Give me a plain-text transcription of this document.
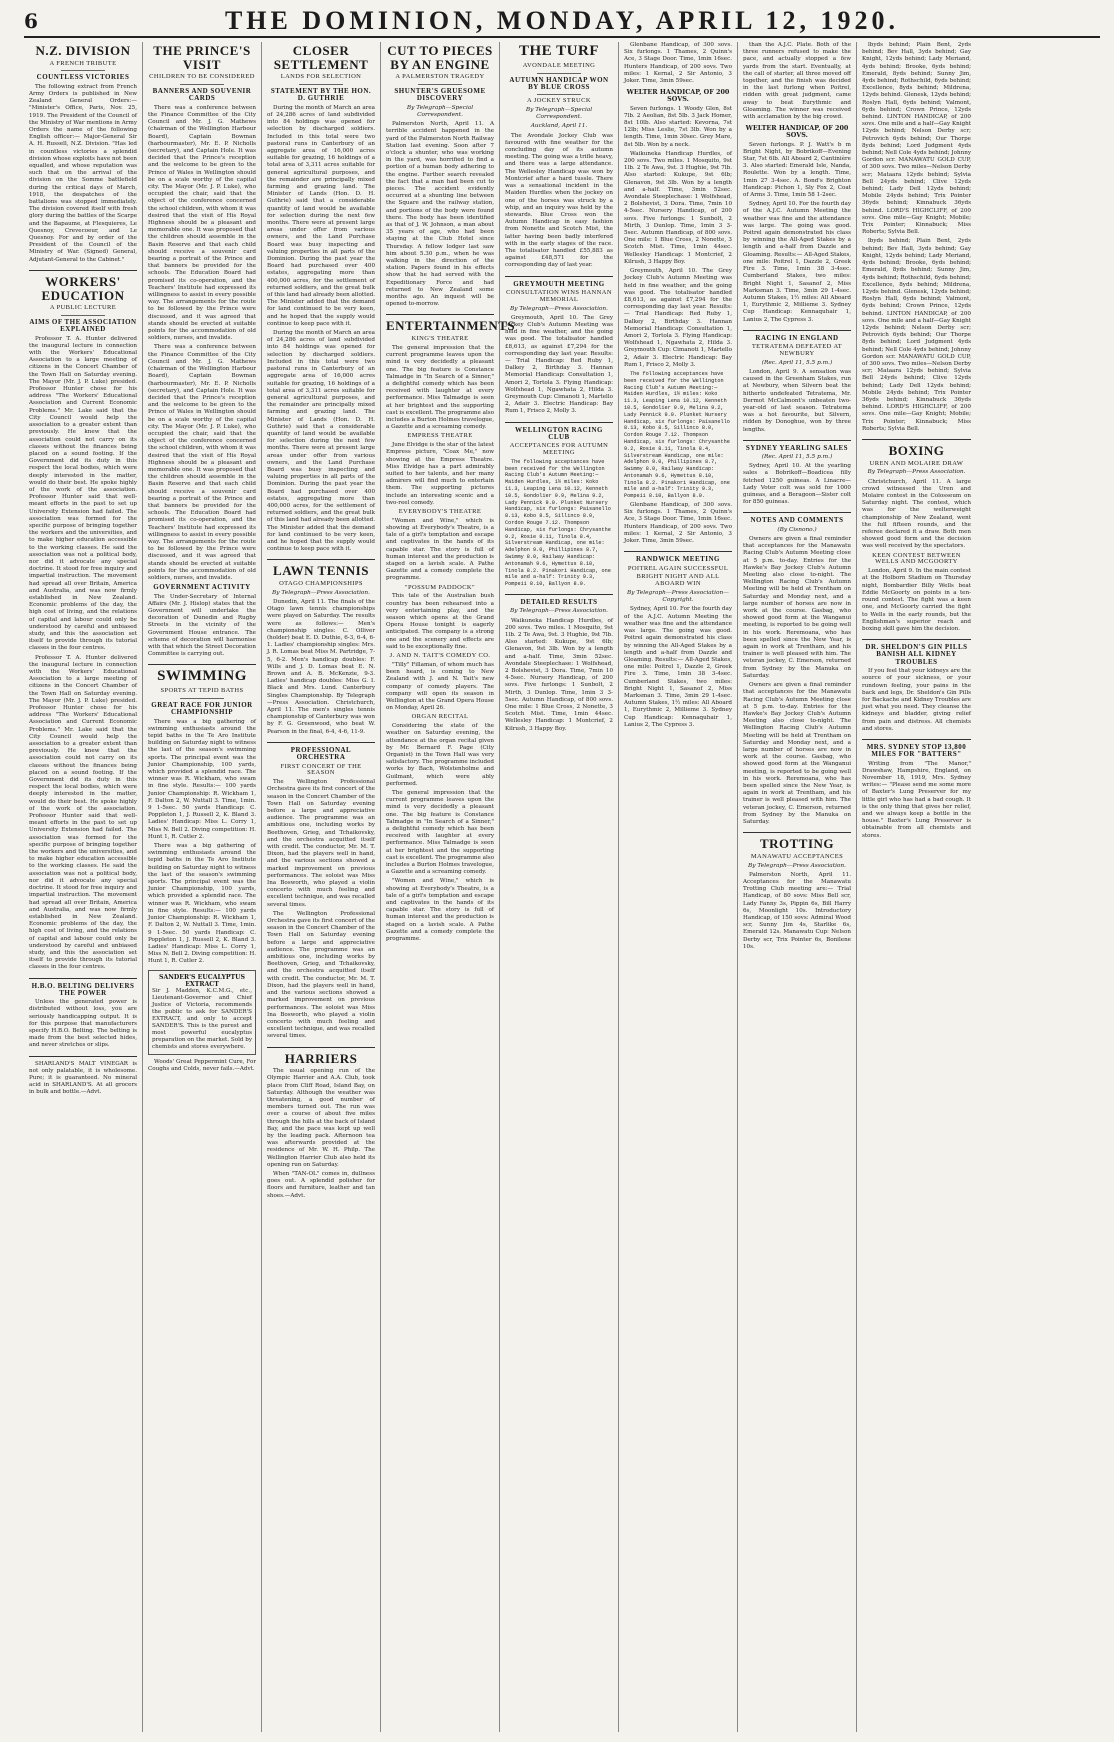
6	THE DOMINION, MONDAY, APRIL 12, 1920.
N.Z. DIVISION
A FRENCH TRIBUTE
COUNTLESS VICTORIES

The following extract from French Army Orders is published in New Zealand General Orders:— "Minister's Office, Paris, Nov. 25, 1919. The President of the Council of the Ministry of War mentions in Army Orders the name of the following English officer:— Major-General Sir A. H. Russell, N.Z. Division. "Has led in countless victories a splendid division whose exploits have not been equalled, and whose reputation was such that on the arrival of the division on the Somme battlefield during the critical days of March, 1918, the despatches of the battalions was stopped immediately. The division covered itself with fresh glory during the battles of the Scarpe and the Bapaume, at Flesquieres, Le Quesnoy, Crevecoeur, and Le Quesnoy. For and by order of the President of the Council of the Ministry of War. (Signed) General, Adjutant-General to the Cabinet."

WORKERS' EDUCATION
A PUBLIC LECTURE
AIMS OF THE ASSOCIATION EXPLAINED

Professor T. A. Hunter delivered the inaugural lecture in connection with the Workers' Educational Association to a large meeting of citizens in the Concert Chamber of the Town Hall on Saturday evening. The Mayor (Mr. J. P. Luke) presided. Professor Hunter chose for his address "The Workers' Educational Association and Current Economic Problems." Mr. Lake said that the City Council would help the association to a greater extent than previously. He knew that the association could not carry on its classes without the finances being placed on a sound footing. If the Government did its duty in this respect the local bodies, which were deeply interested in the matter, would do their best. He spoke highly of the work of the association. Professor Hunter said that well-meant efforts in the past to set up University Extension had failed. The association was formed for the specific purpose of bringing together the workers and the universities, and to make higher education accessible to the working classes. He said the association was not a political body, nor did it advocate any special doctrine. It stood for free inquiry and impartial instruction. The movement had spread all over Britain, America and Australia, and was now firmly established in New Zealand. Economic problems of the day, the high cost of living, and the relations of capital and labour could only be understood by careful and unbiased study, and this the association set itself to provide through its tutorial classes in the four centres.

Professor T. A. Hunter delivered the inaugural lecture in connection with the Workers' Educational Association to a large meeting of citizens in the Concert Chamber of the Town Hall on Saturday evening. The Mayor (Mr. J. P. Luke) presided. Professor Hunter chose for his address "The Workers' Educational Association and Current Economic Problems." Mr. Lake said that the City Council would help the association to a greater extent than previously. He knew that the association could not carry on its classes without the finances being placed on a sound footing. If the Government did its duty in this respect the local bodies, which were deeply interested in the matter, would do their best. He spoke highly of the work of the association. Professor Hunter said that well-meant efforts in the past to set up University Extension had failed. The association was formed for the specific purpose of bringing together the workers and the universities, and to make higher education accessible to the working classes. He said the association was not a political body, nor did it advocate any special doctrine. It stood for free inquiry and impartial instruction. The movement had spread all over Britain, America and Australia, and was now firmly established in New Zealand. Economic problems of the day, the high cost of living, and the relations of capital and labour could only be understood by careful and unbiased study, and this the association set itself to provide through its tutorial classes in the four centres.

H.B.O. BELTING DELIVERS THE POWER

Unless the generated power is distributed without loss, you are seriously handicapping output. It is for this purpose that manufacturers specify H.B.O. Belting. The belting is made from the best selected hides, and never stretches or slips.

SHARLAND'S MALT VINEGAR is not only palatable, it is wholesome. Pure; it is guaranteed. No mineral acid in SHARLAND'S. At all grocers in bulk and bottle.—Advt.

THE PRINCE'S VISIT
CHILDREN TO BE CONSIDERED
BANNERS AND SOUVENIR CARDS

There was a conference between the Finance Committee of the City Council and Mr. J. G. Mathews (chairman of the Wellington Harbour Board), Captain Bowman (harbourmaster), Mr. E. P. Nicholls (secretary), and Captain Hole. It was decided that the Prince's reception and the welcome to be given to the Prince of Wales in Wellington should be on a scale worthy of the capital city. The Mayor (Mr. J. P. Luke), who occupied the chair, said that the object of the conference concerned the school children, with whom it was desired that the visit of His Royal Highness should be a pleasant and memorable one. It was proposed that the children should assemble in the Basin Reserve and that each child should receive a souvenir card bearing a portrait of the Prince and that banners be provided for the schools. The Education Board had promised its co-operation, and the Teachers' Institute had expressed its willingness to assist in every possible way. The arrangements for the route to be followed by the Prince were discussed, and it was agreed that stands should be erected at suitable points for the accommodation of old soldiers, nurses, and invalids.

There was a conference between the Finance Committee of the City Council and Mr. J. G. Mathews (chairman of the Wellington Harbour Board), Captain Bowman (harbourmaster), Mr. E. P. Nicholls (secretary), and Captain Hole. It was decided that the Prince's reception and the welcome to be given to the Prince of Wales in Wellington should be on a scale worthy of the capital city. The Mayor (Mr. J. P. Luke), who occupied the chair, said that the object of the conference concerned the school children, with whom it was desired that the visit of His Royal Highness should be a pleasant and memorable one. It was proposed that the children should assemble in the Basin Reserve and that each child should receive a souvenir card bearing a portrait of the Prince and that banners be provided for the schools. The Education Board had promised its co-operation, and the Teachers' Institute had expressed its willingness to assist in every possible way. The arrangements for the route to be followed by the Prince were discussed, and it was agreed that stands should be erected at suitable points for the accommodation of old soldiers, nurses, and invalids.

GOVERNMENT ACTIVITY

The Under-Secretary of Internal Affairs (Mr. J. Hislop) states that the Government will undertake the decoration of Dunedin and Rugby Streets in the vicinity of the Government House entrance. The scheme of decoration will harmonise with that which the Street Decoration Committee is carrying out.

SWIMMING
SPORTS AT TEPID BATHS
GREAT RACE FOR JUNIOR CHAMPIONSHIP

There was a big gathering of swimming enthusiasts around the tepid baths in the Te Aro Institute building on Saturday night to witness the last of the season's swimming sports. The principal event was the Junior Championship, 100 yards, which provided a splendid race. The winner was R. Wickham, who swam in fine style. Results:— 100 yards Junior Championship: R. Wickham 1, F. Dalton 2, W. Nuttall 3. Time, 1min. 9 1-5sec. 50 yards Handicap: C. Poppleton 1, J. Russell 2, K. Bland 3. Ladies' Handicap: Miss L. Corry 1, Miss N. Bell 2. Diving competition: H. Hunt 1, R. Cutler 2.

There was a big gathering of swimming enthusiasts around the tepid baths in the Te Aro Institute building on Saturday night to witness the last of the season's swimming sports. The principal event was the Junior Championship, 100 yards, which provided a splendid race. The winner was R. Wickham, who swam in fine style. Results:— 100 yards Junior Championship: R. Wickham 1, F. Dalton 2, W. Nuttall 3. Time, 1min. 9 1-5sec. 50 yards Handicap: C. Poppleton 1, J. Russell 2, K. Bland 3. Ladies' Handicap: Miss L. Corry 1, Miss N. Bell 2. Diving competition: H. Hunt 1, R. Cutler 2.

SANDER'S EUCALYPTUS EXTRACT
Sir J. Madden, K.C.M.G., etc., Lieutenant-Governor and Chief Justice of Victoria, recommends the public to ask for SANDER'S EXTRACT, and only to accept SANDER'S. This is the purest and most powerful eucalyptus preparation on the market. Sold by chemists and stores everywhere.

Woods' Great Peppermint Cure, For Coughs and Colds, never fails.—Advt.

CLOSER SETTLEMENT
LANDS FOR SELECTION
STATEMENT BY THE HON. D. GUTHRIE

During the month of March an area of 24,286 acres of land subdivided into 84 holdings was opened for selection by discharged soldiers. Included in this total were two pastoral runs in Canterbury of an aggregate area of 16,000 acres suitable for grazing, 16 holdings of a total area of 3,311 acres suitable for general agricultural purposes, and the remainder are principally mixed farming and grazing land. The Minister of Lands (Hon. D. H. Guthrie) said that a considerable quantity of land would be available for selection during the next few months. There were at present large areas under offer from various owners, and the Land Purchase Board was busy inspecting and valuing properties in all parts of the Dominion. During the past year the Board had purchased over 400 estates, aggregating more than 400,000 acres, for the settlement of returned soldiers, and the great bulk of this land had already been allotted. The Minister added that the demand for land continued to be very keen, and he hoped that the supply would continue to keep pace with it.

During the month of March an area of 24,286 acres of land subdivided into 84 holdings was opened for selection by discharged soldiers. Included in this total were two pastoral runs in Canterbury of an aggregate area of 16,000 acres suitable for grazing, 16 holdings of a total area of 3,311 acres suitable for general agricultural purposes, and the remainder are principally mixed farming and grazing land. The Minister of Lands (Hon. D. H. Guthrie) said that a considerable quantity of land would be available for selection during the next few months. There were at present large areas under offer from various owners, and the Land Purchase Board was busy inspecting and valuing properties in all parts of the Dominion. During the past year the Board had purchased over 400 estates, aggregating more than 400,000 acres, for the settlement of returned soldiers, and the great bulk of this land had already been allotted. The Minister added that the demand for land continued to be very keen, and he hoped that the supply would continue to keep pace with it.

LAWN TENNIS
OTAGO CHAMPIONSHIPS
By Telegraph—Press Association.

Dunedin, April 11. The finals of the Otago lawn tennis championships were played on Saturday. The results were as follows:— Men's championship singles: C. Olliver (holder) beat E. D. Duthie, 6-3, 6-4, 6-1. Ladies' championship singles: Mrs. J. R. Lomas beat Miss M. Partridge, 7-5, 6-2. Men's handicap doubles: F. Wills and J. D. Lomas beat E. N. Brown and A. B. McKenzie, 9-3. Ladies' handicap doubles: Miss G. I. Black and Mrs. Lund. Canterbury Singles Championship. By Telegraph—Press Association. Christchurch, April 11. The men's singles tennis championship of Canterbury was won by F. G. Greenwood, who beat W. Pearson in the final, 6-4, 4-6, 11-9.

PROFESSIONAL ORCHESTRA
FIRST CONCERT OF THE SEASON

The Wellington Professional Orchestra gave its first concert of the season in the Concert Chamber of the Town Hall on Saturday evening before a large and appreciative audience. The programme was an ambitious one, including works by Beethoven, Grieg, and Tchaikovsky, and the orchestra acquitted itself with credit. The conductor, Mr. M. T. Dixon, had the players well in hand, and the various sections showed a marked improvement on previous performances. The soloist was Miss Ina Bosworth, who played a violin concerto with much feeling and excellent technique, and was recalled several times.

The Wellington Professional Orchestra gave its first concert of the season in the Concert Chamber of the Town Hall on Saturday evening before a large and appreciative audience. The programme was an ambitious one, including works by Beethoven, Grieg, and Tchaikovsky, and the orchestra acquitted itself with credit. The conductor, Mr. M. T. Dixon, had the players well in hand, and the various sections showed a marked improvement on previous performances. The soloist was Miss Ina Bosworth, who played a violin concerto with much feeling and excellent technique, and was recalled several times.

HARRIERS

The usual opening run of the Olympic Harrier and A.A. Club, took place from Cliff Road, Island Bay, on Saturday. Although the weather was threatening, a good number of members turned out. The run was over a course of about five miles through the hills at the back of Island Bay, and the pace was kept up well by the leading pack. Afternoon tea was afterwards provided at the residence of Mr. W. H. Philp. The Wellington Harrier Club also held its opening run on Saturday.

When "TAN-OL" comes in, dullness goes out. A splendid polisher for floors and furniture, leather and tan shoes.—Advt.

CUT TO PIECES BY AN ENGINE
A PALMERSTON TRAGEDY
SHUNTER'S GRUESOME DISCOVERY
By Telegraph—Special Correspondent.

Palmerston North, April 11. A terrible accident happened in the yard of the Palmerston North Railway Station last evening. Soon after 7 o'clock a shunter, who was working in the yard, was horrified to find a portion of a human body adhering to the engine. Further search revealed the fact that a man had been cut to pieces. The accident evidently occurred at a shunting line between the Square and the railway station, and portions of the body were found there. The body has been identified as that of J. W. Johnson, a man about 35 years of age, who had been staying at the Club Hotel since Thursday. A fellow lodger last saw him about 5.30 p.m., when he was walking in the direction of the station. Papers found in his effects show that he had served with the Expeditionary Force and had returned to New Zealand some months ago. An inquest will be opened to-morrow.

ENTERTAINMENTS
KING'S THEATRE

The general impression that the current programme leaves upon the mind is very decidedly a pleasant one. The big feature is Constance Talmadge in "In Search of a Sinner," a delightful comedy which has been received with laughter at every performance. Miss Talmadge is seen at her brightest and the supporting cast is excellent. The programme also includes a Burton Holmes travelogue, a Gazette and a screaming comedy.

EMPRESS THEATRE

June Elvidge is the star of the latest Empress picture, "Coax Me," now showing at the Empress Theatre. Miss Elvidge has a part admirably suited to her talents, and her many admirers will find much to entertain them. The supporting pictures include an interesting scenic and a two-reel comedy.

EVERYBODY'S THEATRE

"Women and Wine," which is showing at Everybody's Theatre, is a tale of a girl's temptation and escape and captivates in the hands of its capable star. The story is full of human interest and the production is staged on a lavish scale. A Pathe Gazette and a comedy complete the programme.

"POSSUM PADDOCK"

This tale of the Australian bush country has been rehearsed into a very entertaining play, and the season which opens at the Grand Opera House tonight is eagerly anticipated. The company is a strong one and the scenery and effects are said to be exceptionally fine.

J. AND N. TAIT'S COMEDY CO.

"Tilly" Fillaman, of whom much has been heard, is coming to New Zealand with J. and N. Tait's new company of comedy players. The company will open its season in Wellington at the Grand Opera House on Monday, April 26.

ORGAN RECITAL

Considering the state of the weather on Saturday evening, the attendance at the organ recital given by Mr. Bernard F. Page (City Organist) in the Town Hall was very satisfactory. The programme included works by Bach, Wolstenholme and Guilmant, which were ably performed.

The general impression that the current programme leaves upon the mind is very decidedly a pleasant one. The big feature is Constance Talmadge in "In Search of a Sinner," a delightful comedy which has been received with laughter at every performance. Miss Talmadge is seen at her brightest and the supporting cast is excellent. The programme also includes a Burton Holmes travelogue, a Gazette and a screaming comedy.

"Women and Wine," which is showing at Everybody's Theatre, is a tale of a girl's temptation and escape and captivates in the hands of its capable star. The story is full of human interest and the production is staged on a lavish scale. A Pathe Gazette and a comedy complete the programme.

THE TURF
AVONDALE MEETING
AUTUMN HANDICAP WON BY BLUE CROSS
A JOCKEY STRUCK
By Telegraph—Special Correspondent.
Auckland, April 11.

The Avondale Jockey Club was favoured with fine weather for the concluding day of its autumn meeting. The going was a trifle heavy, and there was a large attendance. The Wellesley Handicap was won by Montcrief after a hard tussle. There was a sensational incident in the Maiden Hurdles when the jockey on one of the horses was struck by a whip, and an inquiry was held by the stewards. Blue Cross won the Autumn Handicap in easy fashion from Nonette and Scotch Mist, the latter having been badly interfered with in the early stages of the race. The totalisator handled £55,883 as against £48,571 for the corresponding day of last year.

GREYMOUTH MEETING
CONSULTATION WINS HANNAN MEMORIAL
By Telegraph—Press Association.

Greymouth, April 10. The Grey Jockey Club's Autumn Meeting was held in fine weather, and the going was good. The totalisator handled £8,613, as against £7,294 for the corresponding day last year. Results:— Trial Handicap: Red Ruby 1, Dalkey 2, Birthday 3. Hannan Memorial Handicap: Consultation 1, Amori 2, Tortola 3. Flying Handicap: Wolfshead 1, Ngawhata 2, Hilda 3. Greymouth Cup: Cimanoti 1, Martello 2, Adair 3. Electric Handicap: Bay Rum 1, Frisco 2, Molly 3.

WELLINGTON RACING CLUB
ACCEPTANCES FOR AUTUMN MEETING

The following acceptances have been received for the Wellington Racing Club's Autumn Meeting:— Maiden Hurdles, 1½ miles: Koko 11.3, Leaping Lena 10.12, Kenneth 10.5, Gondolier 9.9, Melina 9.2, Lady Pennick 9.0. Plunket Nursery Handicap, six furlongs: Paisanello 8.13, Kobo 8.5, Sillinco 8.0, Cordon Rouge 7.12. Thompson Handicap, six furlongs: Chrysanthe 9.2, Rosie 8.11, Tinola 8.4, Silverstream Handicap, one mile: Adelphon 9.0, Phillipines 8.7, Swimmy 8.0, Railway Handicap: Antonamah 9.6, Hymettus 8.10, Tinola 8.2. Pinakori Handicap, one mile and a-half: Trinity 9.3, Pompeii 8.10, Ballyon 8.0.

DETAILED RESULTS
By Telegraph—Press Association.

Waikuneka Handicap Hurdles, of 200 sovs. Two miles. 1 Mosquito, 9st 1lb. 2 Te Awa, 9st. 3 Hughie, 9st 7lb. Also started: Kukupe, 9st 6lb; Glenavon, 9st 3lb. Won by a length and a-half. Time, 3min 52sec. Avondale Steeplechase: 1 Wolfshead, 2 Bolshevist, 3 Dora. Time, 7min 10 4-5sec. Nursery Handicap, of 200 sovs. Five furlongs: 1 Sunbolt, 2 Mirth, 3 Dunlop. Time, 1min 3 3-5sec. Autumn Handicap, of 800 sovs. One mile: 1 Blue Cross, 2 Nonette, 3 Scotch Mist. Time, 1min 44sec. Wellesley Handicap: 1 Montcrief, 2 Kilrush, 3 Happy Boy.

Glenbane Handicap, of 300 sovs. Six furlongs. 1 Thames, 2 Quinn's Ace, 3 Stage Door. Time, 1min 16sec. Hunters Handicap, of 200 sovs. Two miles: 1 Kernal, 2 Sir Antonio, 3 Joker. Time, 3min 59sec.

WELTER HANDICAP, OF 200 SOVS.

Seven furlongs. 1 Woody Glen, 8st 7lb. 2 Aeolian, 8st 5lb. 3 Jack Homer, 8st 10lb. Also started: Kevorna, 7st 12lb; Miss Leslie, 7st 3lb. Won by a length. Time, 1min 30sec. Grey Mare, 8st 5lb. Won by a neck.

Waikuneka Handicap Hurdles, of 200 sovs. Two miles. 1 Mosquito, 9st 1lb. 2 Te Awa, 9st. 3 Hughie, 9st 7lb. Also started: Kukupe, 9st 6lb; Glenavon, 9st 3lb. Won by a length and a-half. Time, 3min 52sec. Avondale Steeplechase: 1 Wolfshead, 2 Bolshevist, 3 Dora. Time, 7min 10 4-5sec. Nursery Handicap, of 200 sovs. Five furlongs: 1 Sunbolt, 2 Mirth, 3 Dunlop. Time, 1min 3 3-5sec. Autumn Handicap, of 800 sovs. One mile: 1 Blue Cross, 2 Nonette, 3 Scotch Mist. Time, 1min 44sec. Wellesley Handicap: 1 Montcrief, 2 Kilrush, 3 Happy Boy.

Greymouth, April 10. The Grey Jockey Club's Autumn Meeting was held in fine weather, and the going was good. The totalisator handled £8,613, as against £7,294 for the corresponding day last year. Results:— Trial Handicap: Red Ruby 1, Dalkey 2, Birthday 3. Hannan Memorial Handicap: Consultation 1, Amori 2, Tortola 3. Flying Handicap: Wolfshead 1, Ngawhata 2, Hilda 3. Greymouth Cup: Cimanoti 1, Martello 2, Adair 3. Electric Handicap: Bay Rum 1, Frisco 2, Molly 3.

The following acceptances have been received for the Wellington Racing Club's Autumn Meeting:— Maiden Hurdles, 1½ miles: Koko 11.3, Leaping Lena 10.12, Kenneth 10.5, Gondolier 9.9, Melina 9.2, Lady Pennick 9.0. Plunket Nursery Handicap, six furlongs: Paisanello 8.13, Kobo 8.5, Sillinco 8.0, Cordon Rouge 7.12. Thompson Handicap, six furlongs: Chrysanthe 9.2, Rosie 8.11, Tinola 8.4, Silverstream Handicap, one mile: Adelphon 9.0, Phillipines 8.7, Swimmy 8.0, Railway Handicap: Antonamah 9.6, Hymettus 8.10, Tinola 8.2. Pinakori Handicap, one mile and a-half: Trinity 9.3, Pompeii 8.10, Ballyon 8.0.

Glenbane Handicap, of 300 sovs. Six furlongs. 1 Thames, 2 Quinn's Ace, 3 Stage Door. Time, 1min 16sec. Hunters Handicap, of 200 sovs. Two miles: 1 Kernal, 2 Sir Antonio, 3 Joker. Time, 3min 59sec.

RANDWICK MEETING
POITREL AGAIN SUCCESSFUL
BRIGHT NIGHT AND ALL ABOARD WIN
By Telegraph—Press Association—Copyright.

Sydney, April 10. For the fourth day of the A.J.C. Autumn Meeting the weather was fine and the attendance was large. The going was good. Poitrel again demonstrated his class by winning the All-Aged Stakes by a length and a-half from Dazzle and Gloaming. Results:— All-Aged Stakes, one mile: Poitrel 1, Dazzle 2, Greek Fire 3. Time, 1min 38 3-4sec. Cumberland Stakes, two miles: Bright Night 1, Sasanof 2, Miss Marksman 3. Time, 3min 29 1-4sec. Autumn Stakes, 1½ miles: All Aboard 1, Eurythmic 2, Millieme 3. Sydney Cup Handicap: Kennaquhair 1, Lanius 2, The Cypress 3.

than the A.J.C. Plate. Both of the three runners refused to make the pace, and actually stopped a few yards from the start. Eventually, at the call of starter, all three moved off together, and the finish was decided in the last furlong when Poitrel, ridden with great judgment, came away to beat Eurythmic and Gloaming. The winner was received with acclamation by the big crowd.

WELTER HANDICAP, OF 200 SOVS.

Seven furlongs. P. J. Watt's b m Bright Night, by Bobrikoff—Evening Star, 7st 6lb. All Aboard 2, Cantinière 3. Also started: Emerald Isle, Nanda, Roulette. Won by a length. Time, 1min 27 3-4sec. A. Bond's Brighton Handicap: Pichon 1, Sly Fox 2, Coat of Arms 3. Time, 1min 58 1-2sec.

Sydney, April 10. For the fourth day of the A.J.C. Autumn Meeting the weather was fine and the attendance was large. The going was good. Poitrel again demonstrated his class by winning the All-Aged Stakes by a length and a-half from Dazzle and Gloaming. Results:— All-Aged Stakes, one mile: Poitrel 1, Dazzle 2, Greek Fire 3. Time, 1min 38 3-4sec. Cumberland Stakes, two miles: Bright Night 1, Sasanof 2, Miss Marksman 3. Time, 3min 29 1-4sec. Autumn Stakes, 1½ miles: All Aboard 1, Eurythmic 2, Millieme 3. Sydney Cup Handicap: Kennaquhair 1, Lanius 2, The Cypress 3.

RACING IN ENGLAND
TETRATEMA DEFEATED AT NEWBURY
(Rec. April 11, 5.5 p.m.)

London, April 9. A sensation was caused in the Greenham Stakes, run at Newbury, when Silvern beat the hitherto undefeated Tetratema, Mr. Dermot McCalmont's unbeaten two-year-old of last season. Tetratema was a hot favourite, but Silvern, ridden by Donoghue, won by three lengths.

SYDNEY YEARLING SALES
(Rec. April 11, 5.5 p.m.)

Sydney, April 10. At the yearling sales a Bobrikoff—Boadicea filly fetched 1250 guineas. A Linacre—Lady Voter colt was sold for 1000 guineas, and a Beragoon—Sister colt for 850 guineas.

NOTES AND COMMENTS
(By Cisnono.)

Owners are given a final reminder that acceptances for the Manawatu Racing Club's Autumn Meeting close at 5 p.m. to-day. Entries for the Hawke's Bay Jockey Club's Autumn Meeting also close to-night. The Wellington Racing Club's Autumn Meeting will be held at Trentham on Saturday and Monday next, and a large number of horses are now in work at the course. Gasbag, who showed good form at the Wanganui meeting, is reported to be going well in his work. Reremoana, who has been spelled since the New Year, is again in work at Trentham, and his trainer is well pleased with him. The veteran jockey, C. Emerson, returned from Sydney by the Manuka on Saturday.

Owners are given a final reminder that acceptances for the Manawatu Racing Club's Autumn Meeting close at 5 p.m. to-day. Entries for the Hawke's Bay Jockey Club's Autumn Meeting also close to-night. The Wellington Racing Club's Autumn Meeting will be held at Trentham on Saturday and Monday next, and a large number of horses are now in work at the course. Gasbag, who showed good form at the Wanganui meeting, is reported to be going well in his work. Reremoana, who has been spelled since the New Year, is again in work at Trentham, and his trainer is well pleased with him. The veteran jockey, C. Emerson, returned from Sydney by the Manuka on Saturday.

TROTTING
MANAWATU ACCEPTANCES
By Telegraph—Press Association.

Palmerston North, April 11. Acceptances for the Manawatu Trotting Club meeting are:— Trial Handicap, of 80 sovs: Miss Bell scr, Lady Fanny 3s, Pippin 6s, Bill Harry 6s, Moonlight 10s. Introductory Handicap, of 150 sovs: Admiral Wood scr, Sunny Jim 4s, Starlike 6s, Emerald 12s. Manawatu Cup: Nelson Derby scr, Trix Pointer 6s, Bonilene 10s.

lbyds behind; Plain Bent, 2yds behind; Bev Hall, 3yds behind; Gay Knight, 12yds behind; Lady Meriand, 4yds behind; Brooke, 6yds behind; Emerald, 8yds behind; Sunny Jim, 4yds behind; Rothschild, 6yds behind; Excellence, 8yds behind; Mildrena, 12yds behind. Glenesk, 12yds behind; Roslyn Hall, 6yds behind; Valmont, 6yds behind; Crown Prince, 12yds behind. LINTON HANDICAP, of 200 sovs. One mile and a half—Gay Knight 12yds behind; Nelson Derby scr; Petrovich 6yds behind; Our Thorpe 8yds behind; Lord Judgment 4yds behind; Nell Cole 4yds behind; Johnny Gordon scr. MANAWATU GOLD CUP, of 300 sovs. Two miles—Nelson Derby scr; Mataara 12yds behind; Sylvia Bell 24yds behind; Clive 12yds behind; Lady Dell 12yds behind; Mobile 24yds behind; Trix Pointer 36yds behind; Kinnabuck 36yds behind. LORD'S HIGHCLIFF, of 200 sovs. One mile—Gay Knight; Mobile; Trix Pointer; Kinnabuck; Miss Roberts; Sylvia Bell.

lbyds behind; Plain Bent, 2yds behind; Bev Hall, 3yds behind; Gay Knight, 12yds behind; Lady Meriand, 4yds behind; Brooke, 6yds behind; Emerald, 8yds behind; Sunny Jim, 4yds behind; Rothschild, 6yds behind; Excellence, 8yds behind; Mildrena, 12yds behind. Glenesk, 12yds behind; Roslyn Hall, 6yds behind; Valmont, 6yds behind; Crown Prince, 12yds behind. LINTON HANDICAP, of 200 sovs. One mile and a half—Gay Knight 12yds behind; Nelson Derby scr; Petrovich 6yds behind; Our Thorpe 8yds behind; Lord Judgment 4yds behind; Nell Cole 4yds behind; Johnny Gordon scr. MANAWATU GOLD CUP, of 300 sovs. Two miles—Nelson Derby scr; Mataara 12yds behind; Sylvia Bell 24yds behind; Clive 12yds behind; Lady Dell 12yds behind; Mobile 24yds behind; Trix Pointer 36yds behind; Kinnabuck 36yds behind. LORD'S HIGHCLIFF, of 200 sovs. One mile—Gay Knight; Mobile; Trix Pointer; Kinnabuck; Miss Roberts; Sylvia Bell.

BOXING
UREN AND MOLAIRE DRAW
By Telegraph—Press Association.

Christchurch, April 11. A large crowd witnessed the Uren and Molaire contest in the Colosseum on Saturday night. The contest, which was for the welterweight championship of New Zealand, went the full fifteen rounds, and the referee declared it a draw. Both men showed good form and the decision was well received by the spectators.

KEEN CONTEST BETWEEN WELLS AND MCGOORTY

London, April 9. In the main contest at the Holborn Stadium on Thursday night, Bombardier Billy Wells beat Eddie McGoorty on points in a ten-round contest. The fight was a keen one, and McGoorty carried the fight to Wells in the early rounds, but the Englishman's superior reach and boxing skill gave him the decision.

DR. SHELDON'S GIN PILLS BANISH ALL KIDNEY TROUBLES

If you feel that your kidneys are the source of your sickness, or your rundown feeling, your pains in the back and legs, Dr. Sheldon's Gin Pills for Backache and Kidney Troubles are just what you need. They cleanse the kidneys and bladder, giving relief from pain and distress. All chemists and stores.

MRS. SYDNEY STOP 13,800 MILES FOR "BATTERS"

Writing from "The Manor," Drawshaw, Hampshire, England, on November 18, 1919, Mrs. Sydney writes:— "Please send me some more of Baxter's Lung Preserver for my little girl who has had a bad cough. It is the only thing that gives her relief, and we always keep a bottle in the house." Baxter's Lung Preserver is obtainable from all chemists and stores.
